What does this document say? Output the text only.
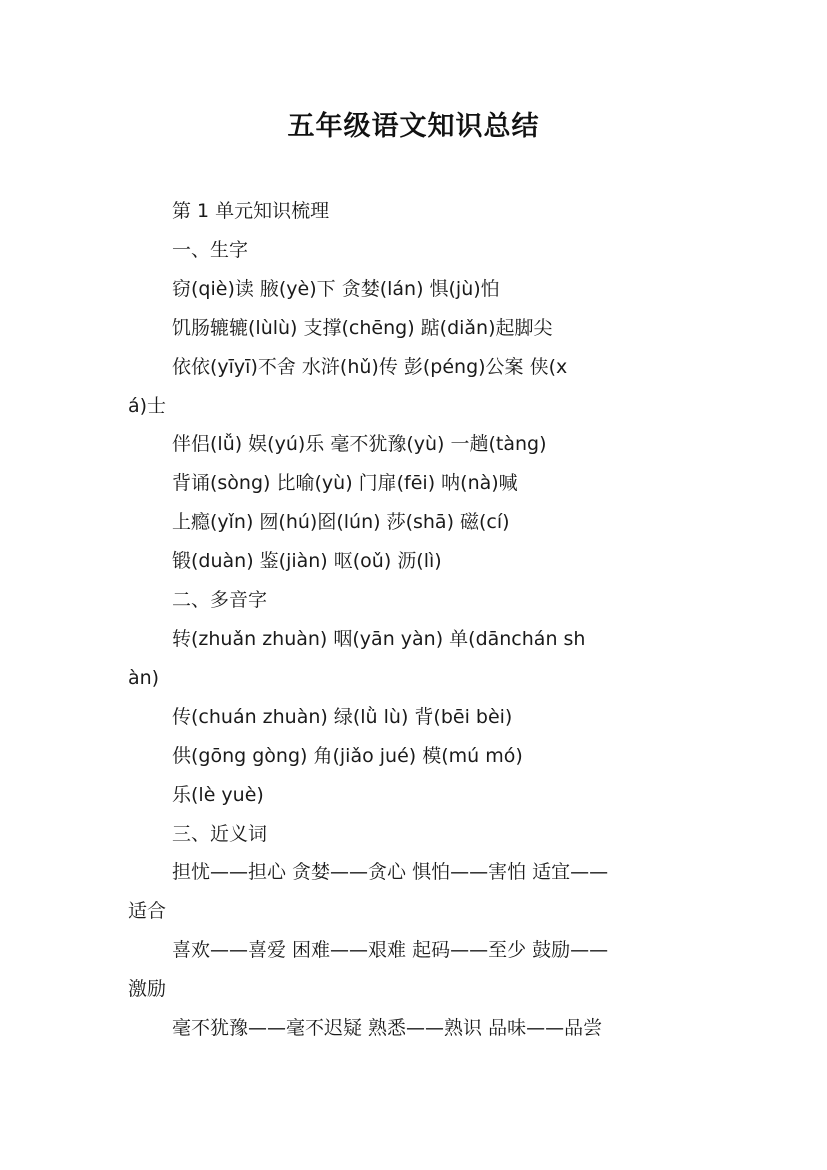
五年级语文知识总结

第 1 单元知识梳理

一、生字

窃(qiè)读 腋(yè)下 贪婪(lán) 惧(jù)怕

饥肠辘辘(lùlù) 支撑(chēng) 踮(diǎn)起脚尖

依依(yīyī)不舍 水浒(hǔ)传 彭(péng)公案 侠(x

á)士

伴侣(lǚ) 娱(yú)乐 毫不犹豫(yù) 一趟(tàng)

背诵(sòng) 比喻(yù) 门扉(fēi) 呐(nà)喊

上瘾(yǐn) 囫(hú)囵(lún) 莎(shā) 磁(cí)

锻(duàn) 鉴(jiàn) 呕(oǔ) 沥(lì)

二、多音字

转(zhuǎn zhuàn) 咽(yān yàn) 单(dānchán sh

àn)

传(chuán zhuàn) 绿(lǜ lù) 背(bēi bèi)

供(gōng gòng) 角(jiǎo jué) 模(mú mó)

乐(lè yuè)

三、近义词

担忧——担心 贪婪——贪心 惧怕——害怕 适宜——

适合

喜欢——喜爱 困难——艰难 起码——至少 鼓励——

激励

毫不犹豫——毫不迟疑 熟悉——熟识 品味——品尝
